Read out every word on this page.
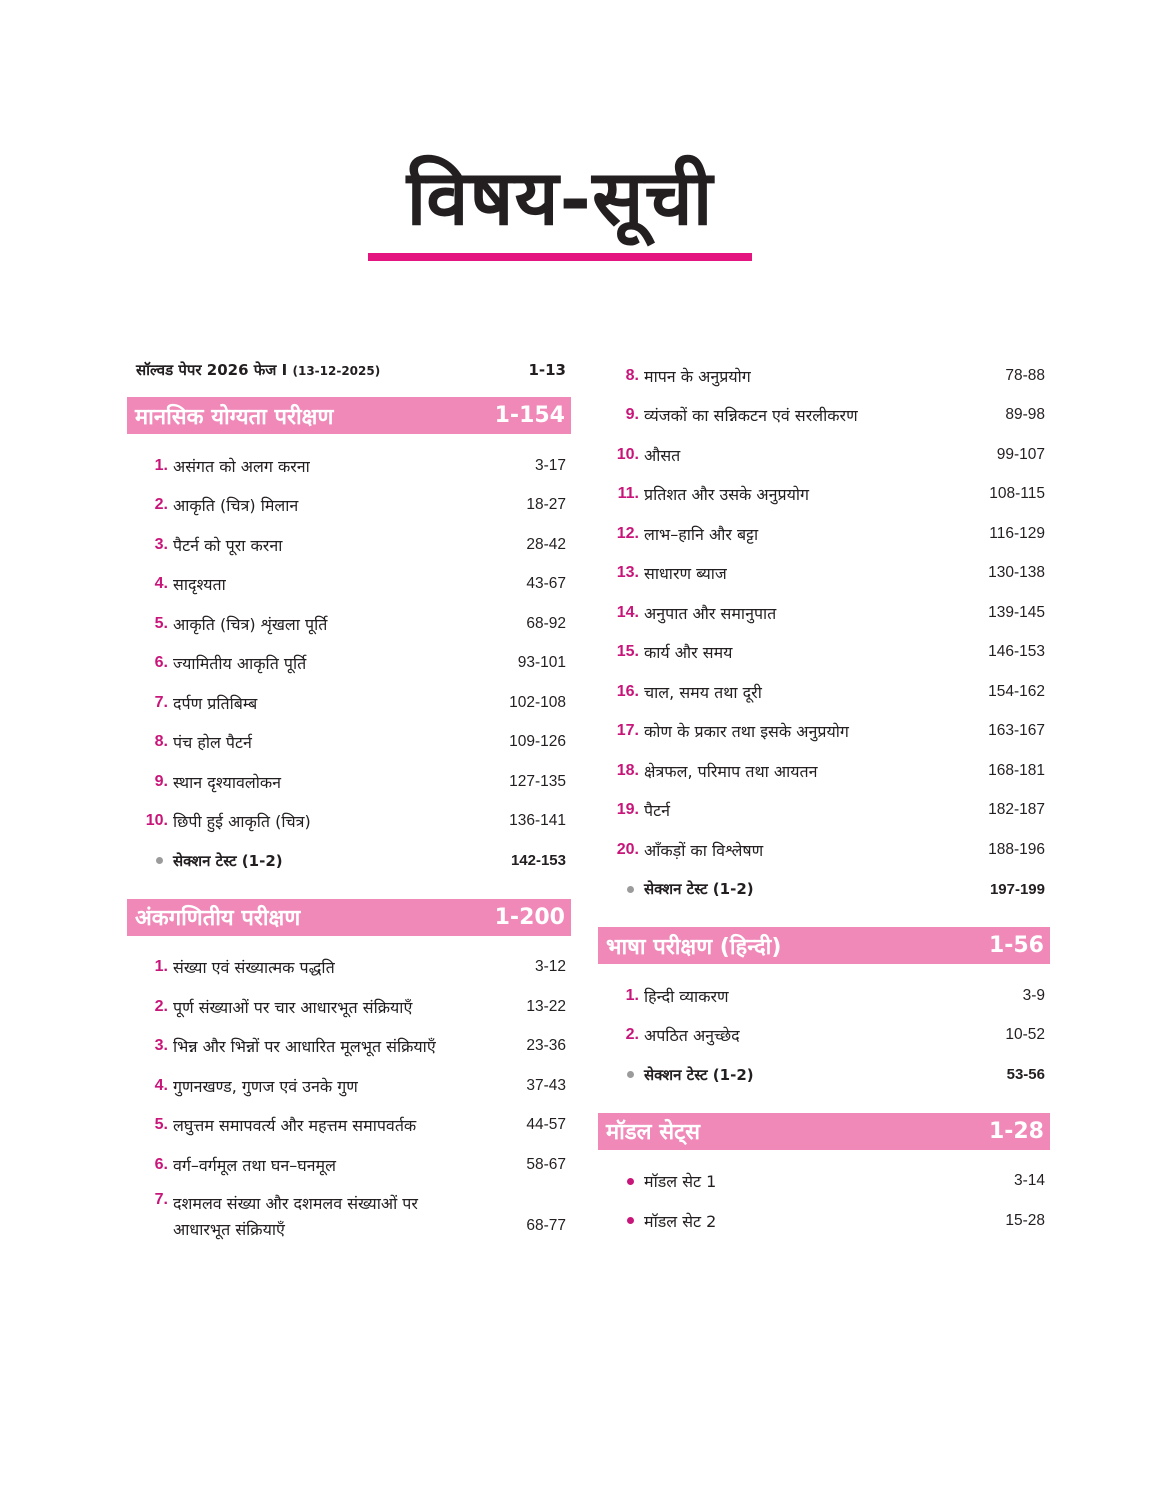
विषय-सूची
सॉल्वड पेपर 2026 फेज I (13-12-2025)	1-13
मानसिक योग्यता परीक्षण	1-154
1. असंगत को अलग करना	3-17
2. आकृति (चित्र) मिलान	18-27
3. पैटर्न को पूरा करना	28-42
4. सादृश्यता	43-67
5. आकृति (चित्र) शृंखला पूर्ति	68-92
6. ज्यामितीय आकृति पूर्ति	93-101
7. दर्पण प्रतिबिम्ब	102-108
8. पंच होल पैटर्न	109-126
9. स्थान दृश्यावलोकन	127-135
10. छिपी हुई आकृति (चित्र)	136-141
सेक्शन टेस्ट (1-2)	142-153
अंकगणितीय परीक्षण	1-200
1. संख्या एवं संख्यात्मक पद्धति	3-12
2. पूर्ण संख्याओं पर चार आधारभूत संक्रियाएँ	13-22
3. भिन्न और भिन्नों पर आधारित मूलभूत संक्रियाएँ	23-36
4. गुणनखण्ड, गुणज एवं उनके गुण	37-43
5. लघुत्तम समापवर्त्य और महत्तम समापवर्तक	44-57
6. वर्ग–वर्गमूल तथा घन–घनमूल	58-67
7. दशमलव संख्या और दशमलव संख्याओं पर
आधारभूत संक्रियाएँ	68-77
8. मापन के अनुप्रयोग	78-88
9. व्यंजकों का सन्निकटन एवं सरलीकरण	89-98
10. औसत	99-107
11. प्रतिशत और उसके अनुप्रयोग	108-115
12. लाभ–हानि और बट्टा	116-129
13. साधारण ब्याज	130-138
14. अनुपात और समानुपात	139-145
15. कार्य और समय	146-153
16. चाल, समय तथा दूरी	154-162
17. कोण के प्रकार तथा इसके अनुप्रयोग	163-167
18. क्षेत्रफल, परिमाप तथा आयतन	168-181
19. पैटर्न	182-187
20. आँकड़ों का विश्लेषण	188-196
सेक्शन टेस्ट (1-2)	197-199
भाषा परीक्षण (हिन्दी)	1-56
1. हिन्दी व्याकरण	3-9
2. अपठित अनुच्छेद	10-52
सेक्शन टेस्ट (1-2)	53-56
मॉडल सेट्स	1-28
मॉडल सेट 1	3-14
मॉडल सेट 2	15-28
